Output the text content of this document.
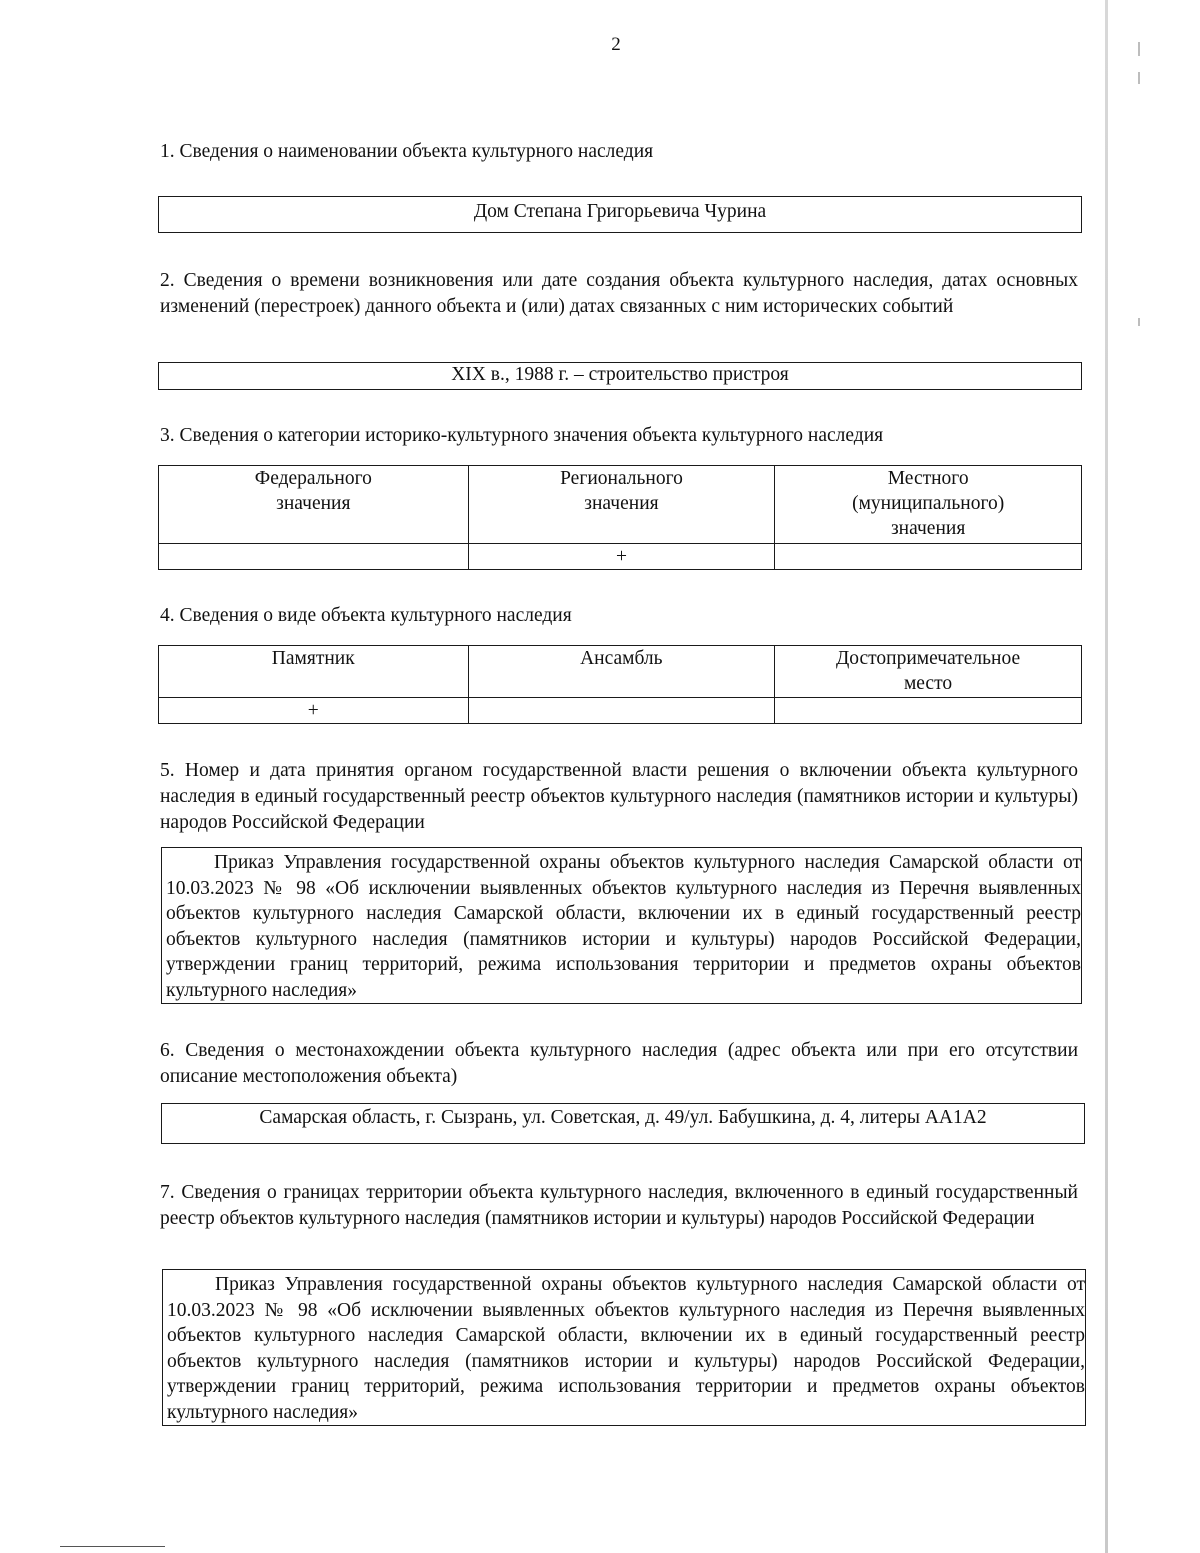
2
1. Сведения о наименовании объекта культурного наследия
Дом Степана Григорьевича Чурина
2. Сведения о времени возникновения или дате создания объекта культурного наследия, датах основных изменений (перестроек) данного объекта и (или) датах связанных с ним исторических событий
XIX в., 1988 г. – строительство пристроя
3. Сведения о категории историко-культурного значения объекта культурного наследия
Федерального значения	Регионального значения	Местного (муниципального) значения
	+	
4. Сведения о виде объекта культурного наследия
Памятник	Ансамбль	Достопримечательное место
+		
5. Номер и дата принятия органом государственной власти решения о включении объекта культурного наследия в единый государственный реестр объектов культурного наследия (памятников истории и культуры) народов Российской Федерации

Приказ Управления государственной охраны объектов культурного наследия Самарской области от 10.03.2023 № 98 «Об исключении выявленных объектов культурного наследия из Перечня выявленных объектов культурного наследия Самарской области, включении их в единый государственный реестр объектов культурного наследия (памятников истории и культуры) народов Российской Федерации, утверждении границ территорий, режима использования территории и предметов охраны объектов культурного наследия»

6. Сведения о местонахождении объекта культурного наследия (адрес объекта или при его отсутствии описание местоположения объекта)
Самарская область, г. Сызрань, ул. Советская, д. 49/ул. Бабушкина, д. 4, литеры АА1А2
7. Сведения о границах территории объекта культурного наследия, включенного в единый государственный реестр объектов культурного наследия (памятников истории и культуры) народов Российской Федерации

Приказ Управления государственной охраны объектов культурного наследия Самарской области от 10.03.2023 № 98 «Об исключении выявленных объектов культурного наследия из Перечня выявленных объектов культурного наследия Самарской области, включении их в единый государственный реестр объектов культурного наследия (памятников истории и культуры) народов Российской Федерации, утверждении границ территорий, режима использования территории и предметов охраны объектов культурного наследия»
